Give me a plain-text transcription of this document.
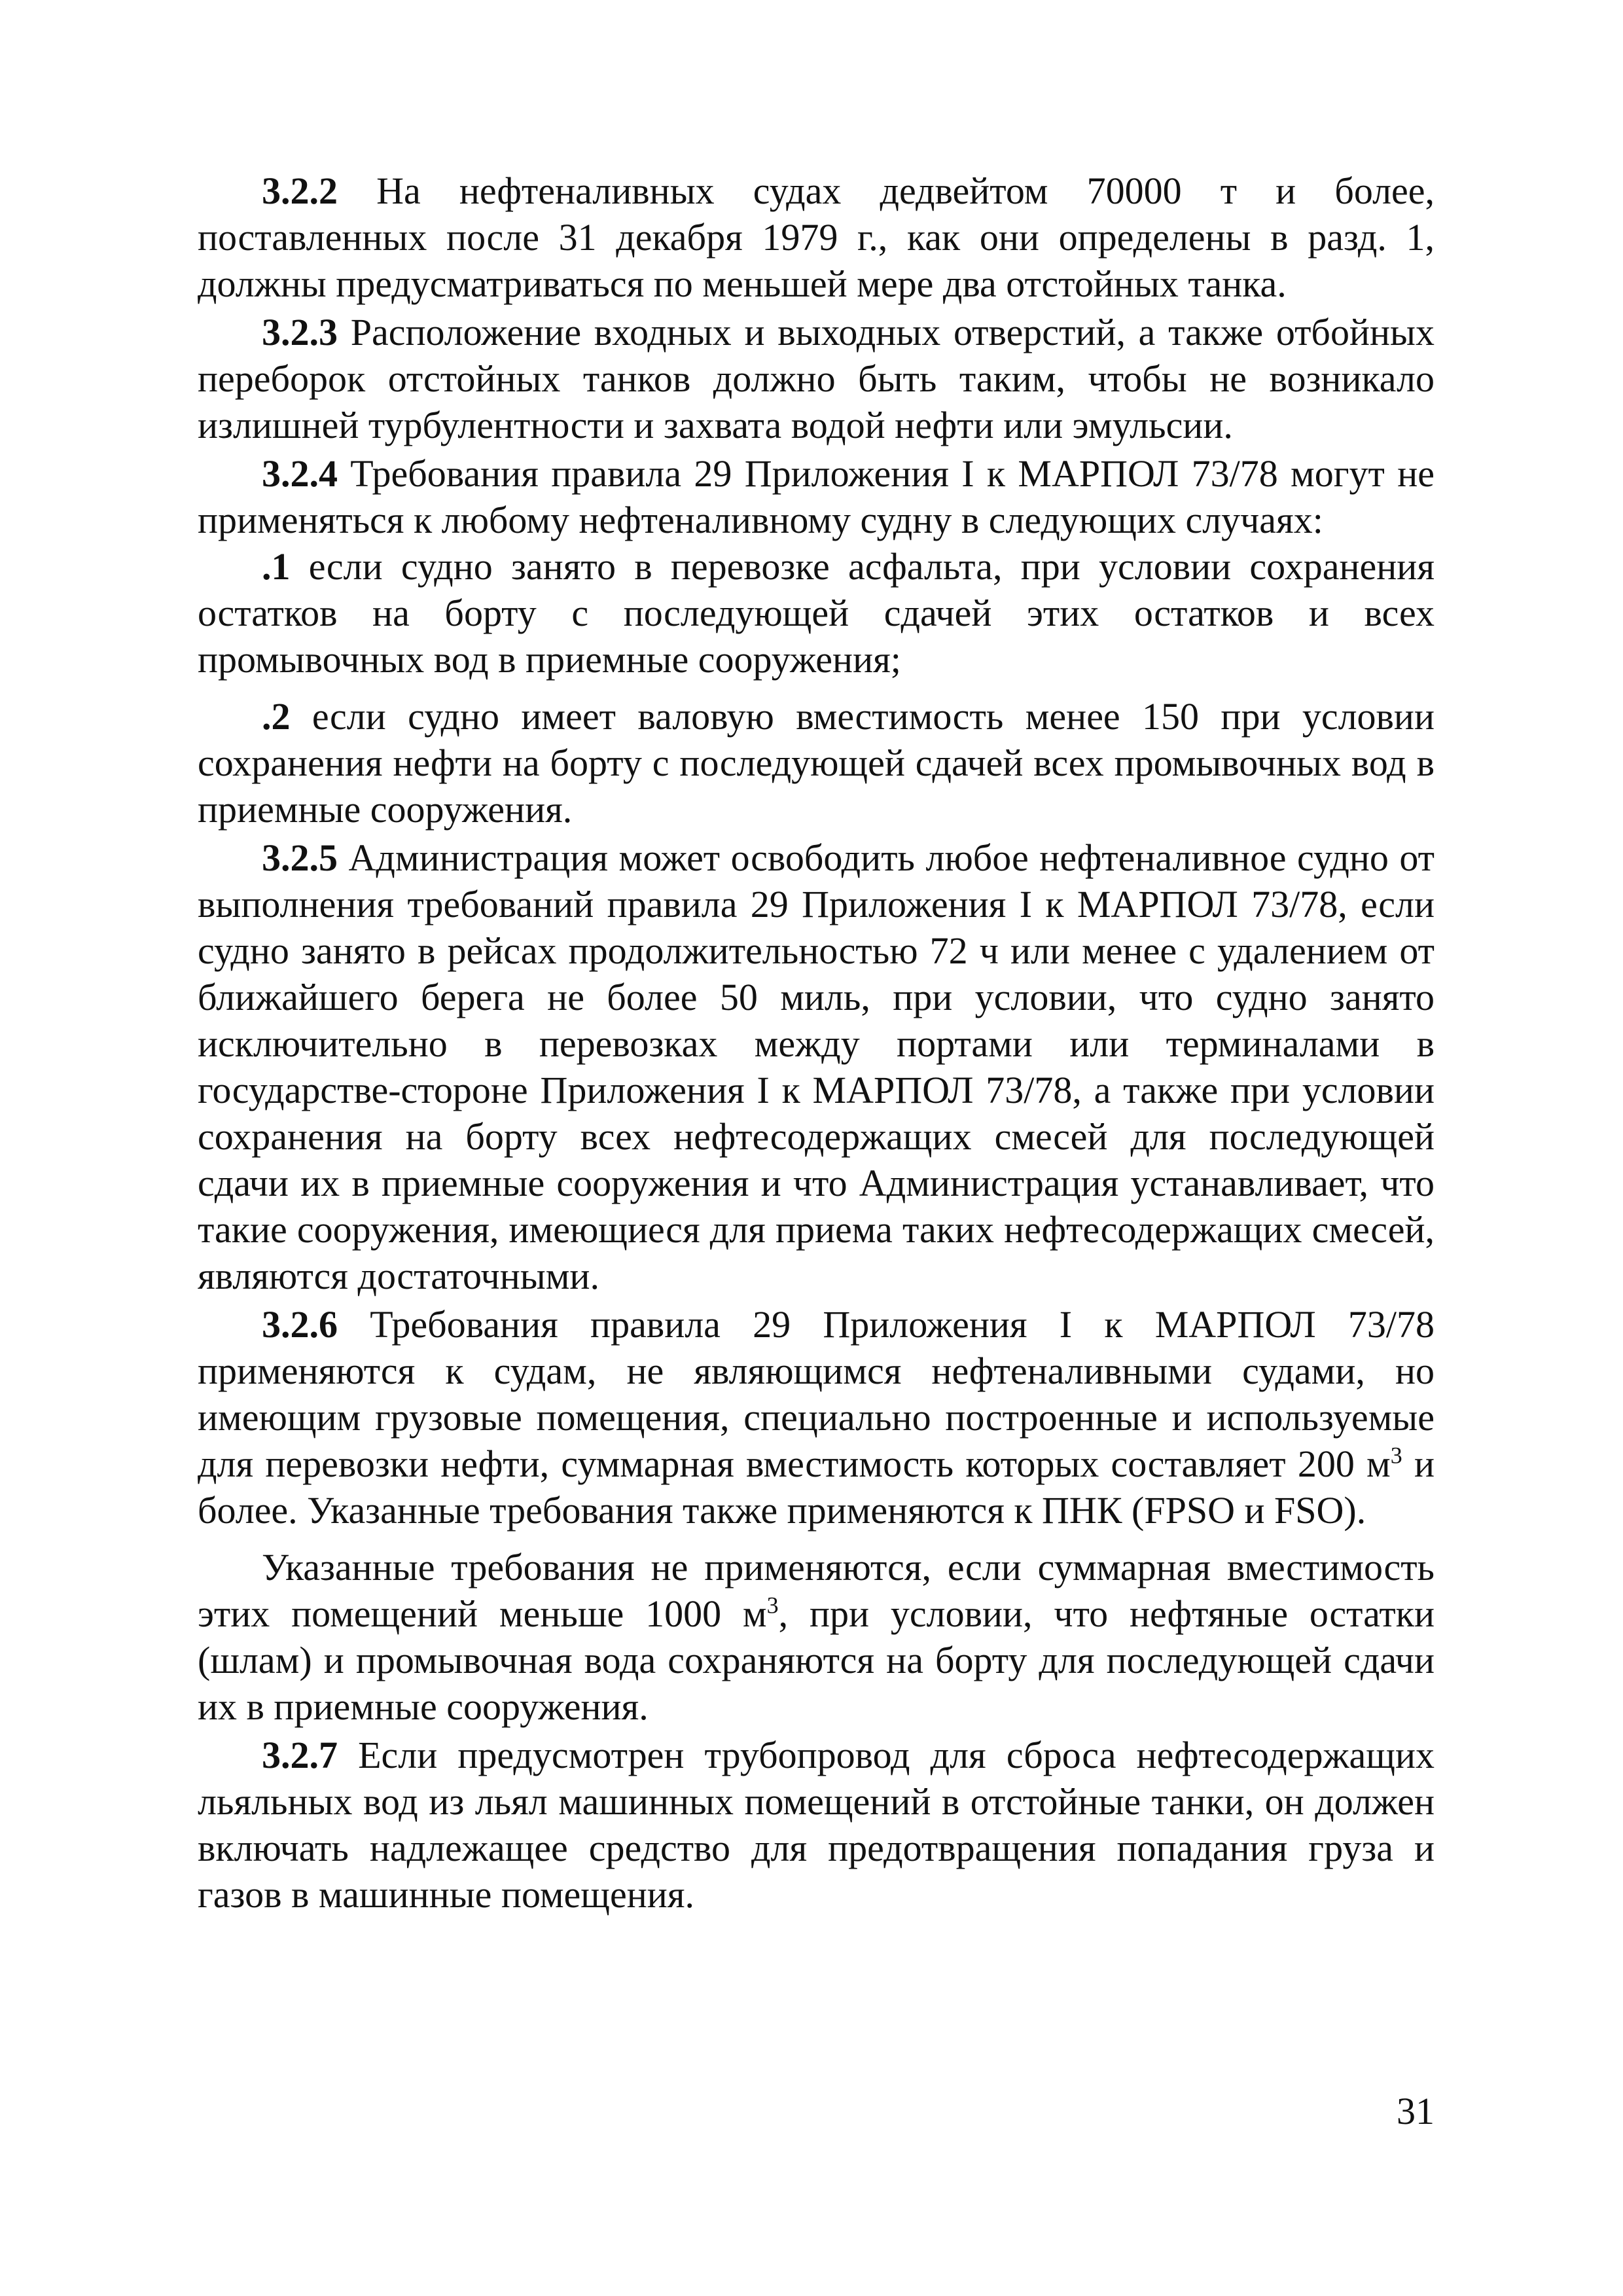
3.2.2 На нефтеналивных судах дедвейтом 70000 т и более, поставленных после 31 декабря 1979 г., как они определены в разд. 1, должны предусматриваться по меньшей мере два отстойных танка.

3.2.3 Расположение входных и выходных отверстий, а также отбойных переборок отстойных танков должно быть таким, чтобы не возникало излишней турбулентности и захвата водой нефти или эмульсии.

3.2.4 Требования правила 29 Приложения I к МАРПОЛ 73/78 могут не применяться к любому нефтеналивному судну в следующих случаях:

.1 если судно занято в перевозке асфальта, при условии сохранения остатков на борту с последующей сдачей этих остатков и всех промывочных вод в приемные сооружения;

.2 если судно имеет валовую вместимость менее 150 при условии сохранения нефти на борту с последующей сдачей всех промывочных вод в приемные сооружения.

3.2.5 Администрация может освободить любое нефтеналивное судно от выполнения требований правила 29 Приложения I к МАРПОЛ 73/78, если судно занято в рейсах продолжительностью 72 ч или менее с удалением от ближайшего берега не более 50 миль, при условии, что судно занято исключительно в перевозках между портами или терминалами в государстве-стороне Приложения I к МАРПОЛ 73/78, а также при условии сохранения на борту всех нефтесодержащих смесей для последующей сдачи их в приемные сооружения и что Администрация устанавливает, что такие сооружения, имеющиеся для приема таких нефтесодержащих смесей, являются достаточными.

3.2.6 Требования правила 29 Приложения I к МАРПОЛ 73/78 применяются к судам, не являющимся нефтеналивными судами, но имеющим грузовые помещения, специально построенные и используемые для перевозки нефти, суммарная вместимость которых составляет 200 $м^3$ и более. Указанные требования также применяются к ПНК (FPSO и FSO).

Указанные требования не применяются, если суммарная вместимость этих помещений меньше 1000 $м^3$, при условии, что нефтяные остатки (шлам) и промывочная вода сохраняются на борту для последующей сдачи их в приемные сооружения.

3.2.7 Если предусмотрен трубопровод для сброса нефтесодержащих льяльных вод из льял машинных помещений в отстойные танки, он должен включать надлежащее средство для предотвращения попадания груза и газов в машинные помещения.

31
